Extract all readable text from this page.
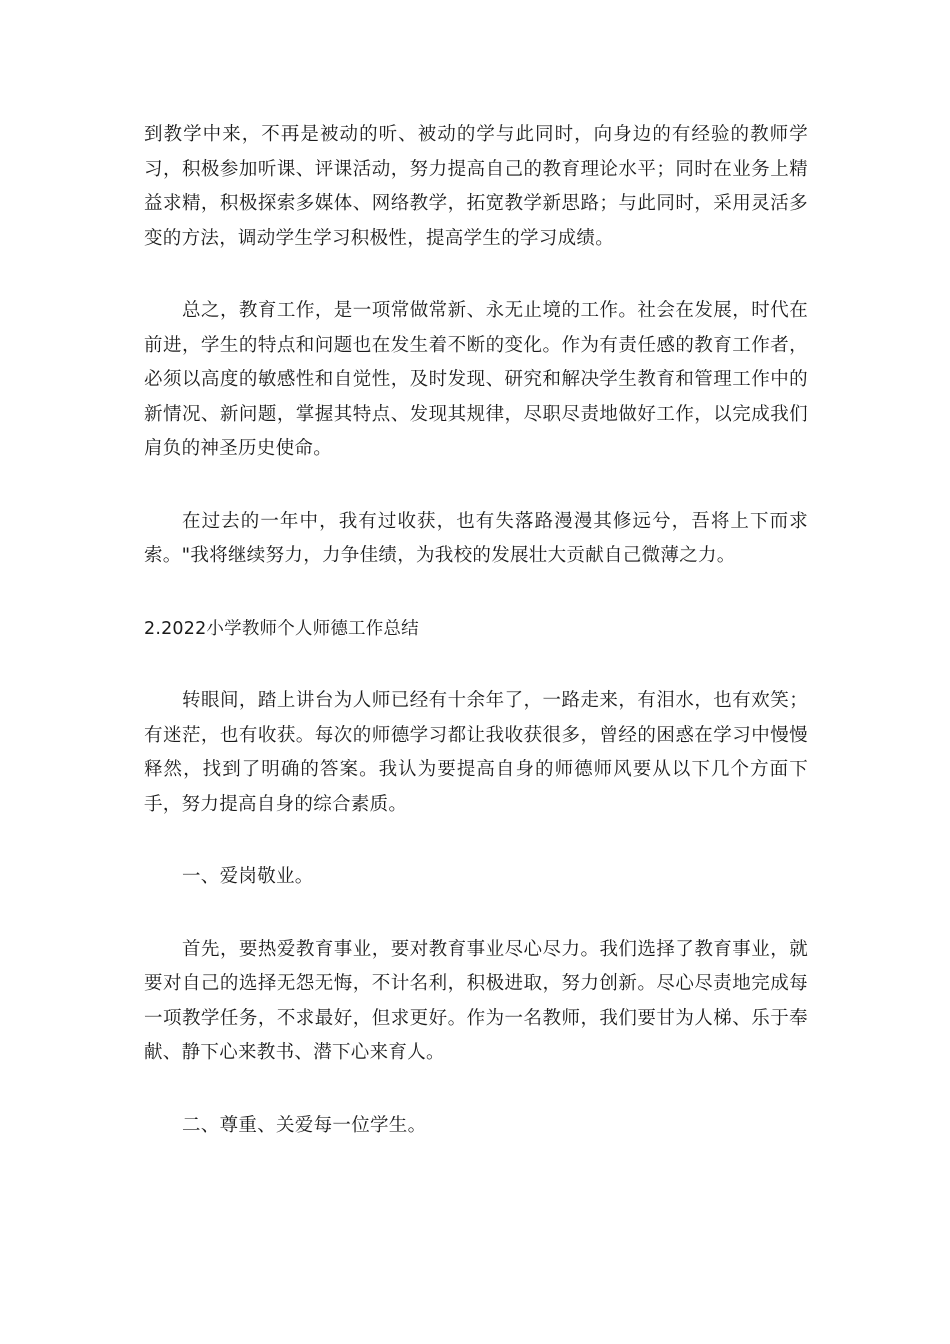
到教学中来，不再是被动的听、被动的学与此同时，向身边的有经验的教师学习，积极参加听课、评课活动，努力提高自己的教育理论水平；同时在业务上精益求精，积极探索多媒体、网络教学，拓宽教学新思路；与此同时，采用灵活多变的方法，调动学生学习积极性，提高学生的学习成绩。

总之，教育工作，是一项常做常新、永无止境的工作。社会在发展，时代在前进，学生的特点和问题也在发生着不断的变化。作为有责任感的教育工作者，必须以高度的敏感性和自觉性，及时发现、研究和解决学生教育和管理工作中的新情况、新问题，掌握其特点、发现其规律，尽职尽责地做好工作，以完成我们肩负的神圣历史使命。

在过去的一年中，我有过收获，也有失落路漫漫其修远兮，吾将上下而求索。"我将继续努力，力争佳绩，为我校的发展壮大贡献自己微薄之力。

2.2022小学教师个人师德工作总结

转眼间，踏上讲台为人师已经有十余年了，一路走来，有泪水，也有欢笑；有迷茫，也有收获。每次的师德学习都让我收获很多，曾经的困惑在学习中慢慢释然，找到了明确的答案。我认为要提高自身的师德师风要从以下几个方面下手，努力提高自身的综合素质。

一、爱岗敬业。

首先，要热爱教育事业，要对教育事业尽心尽力。我们选择了教育事业，就要对自己的选择无怨无悔，不计名利，积极进取，努力创新。尽心尽责地完成每一项教学任务，不求最好，但求更好。作为一名教师，我们要甘为人梯、乐于奉献、静下心来教书、潜下心来育人。

二、尊重、关爱每一位学生。
